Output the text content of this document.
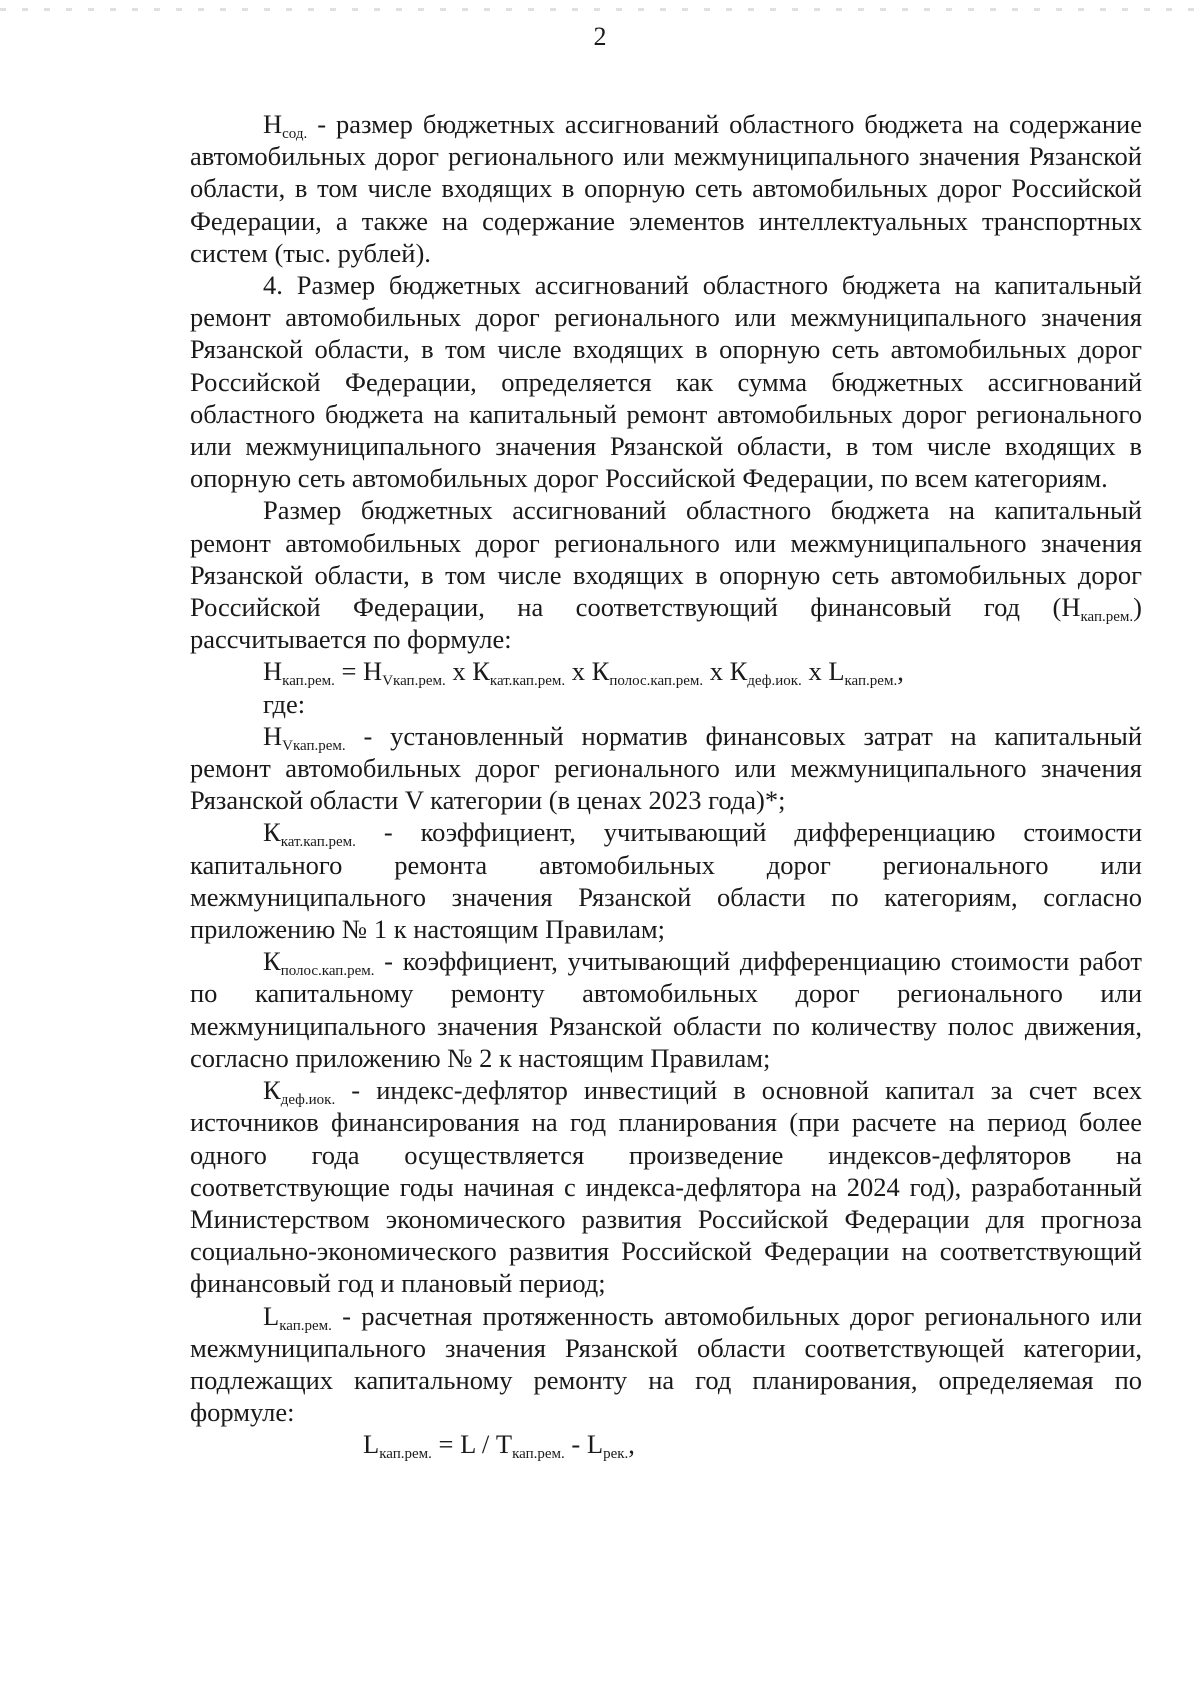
2

$Н_{сод.}$ - размер бюджетных ассигнований областного бюджета на содержание автомобильных дорог регионального или межмуниципального значения Рязанской области, в том числе входящих в опорную сеть автомобильных дорог Российской Федерации, а также на содержание элементов интеллектуальных транспортных систем (тыс. рублей).

4. Размер бюджетных ассигнований областного бюджета на капитальный ремонт автомобильных дорог регионального или межмуниципального значения Рязанской области, в том числе входящих в опорную сеть автомобильных дорог Российской Федерации, определяется как сумма бюджетных ассигнований областного бюджета на капитальный ремонт автомобильных дорог регионального или межмуниципального значения Рязанской области, в том числе входящих в опорную сеть автомобильных дорог Российской Федерации, по всем категориям.

Размер бюджетных ассигнований областного бюджета на капитальный ремонт автомобильных дорог регионального или межмуниципального значения Рязанской области, в том числе входящих в опорную сеть автомобильных дорог Российской Федерации, на соответствующий финансовый год $(Н_{кап.рем.})$ рассчитывается по формуле:

$Н_{кап.рем.} = Н_{Vкап.рем.}$ х $К_{кат.кап.рем.}$ х $К_{полос.кап.рем.}$ х $К_{деф.иок.}$ х $L_{кап.рем.}$,

где:

$Н_{Vкап.рем.}$ - установленный норматив финансовых затрат на капитальный ремонт автомобильных дорог регионального или межмуниципального значения Рязанской области V категории (в ценах 2023 года)*;

$К_{кат.кап.рем.}$ - коэффициент, учитывающий дифференциацию стоимости капитального ремонта автомобильных дорог регионального или межмуниципального значения Рязанской области по категориям, согласно приложению № 1 к настоящим Правилам;

$К_{полос.кап.рем.}$ - коэффициент, учитывающий дифференциацию стоимости работ по капитальному ремонту автомобильных дорог регионального или межмуниципального значения Рязанской области по количеству полос движения, согласно приложению № 2 к настоящим Правилам;

$К_{деф.иок.}$ - индекс-дефлятор инвестиций в основной капитал за счет всех источников финансирования на год планирования (при расчете на период более одного года осуществляется произведение индексов-дефляторов на соответствующие годы начиная с индекса-дефлятора на 2024 год), разработанный Министерством экономического развития Российской Федерации для прогноза социально-экономического развития Российской Федерации на соответствующий финансовый год и плановый период;

$L_{кап.рем.}$ - расчетная протяженность автомобильных дорог регионального или межмуниципального значения Рязанской области соответствующей категории, подлежащих капитальному ремонту на год планирования, определяемая по формуле:

$L_{кап.рем.} = L / Т_{кап.рем.} - L_{рек.}$,
